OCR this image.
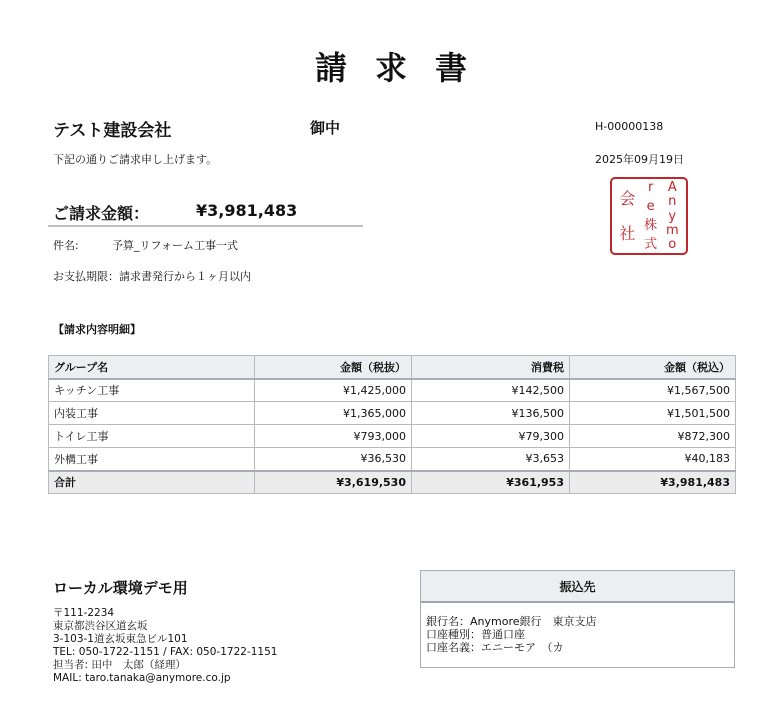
請求書
テスト建設会社	御中	H-00000138
下記の通りご請求申し上げます。	2025年09月19日
A
n
y
m
o
r
e
株
式
会
社
ご請求金額：	¥3,981,483
件名:	予算_リフォーム工事一式
お支払期限：請求書発行から１ヶ月以内
【請求内容明細】
グループ名	金額（税抜）	消費税	金額（税込）
キッチン工事	¥1,425,000	¥142,500	¥1,567,500
内装工事	¥1,365,000	¥136,500	¥1,501,500
トイレ工事	¥793,000	¥79,300	¥872,300
外構工事	¥36,530	¥3,653	¥40,183
合計	¥3,619,530	¥361,953	¥3,981,483
ローカル環境デモ用
〒111-2234
東京都渋谷区道玄坂
3-103-1道玄坂東急ビル101
TEL: 050-1722-1151 / FAX: 050-1722-1151
担当者: 田中　太郎（経理）
MAIL: taro.tanaka@anymore.co.jp
振込先
銀行名：Anymore銀行　東京支店
口座種別：普通口座
口座名義：エニーモア　（カ
